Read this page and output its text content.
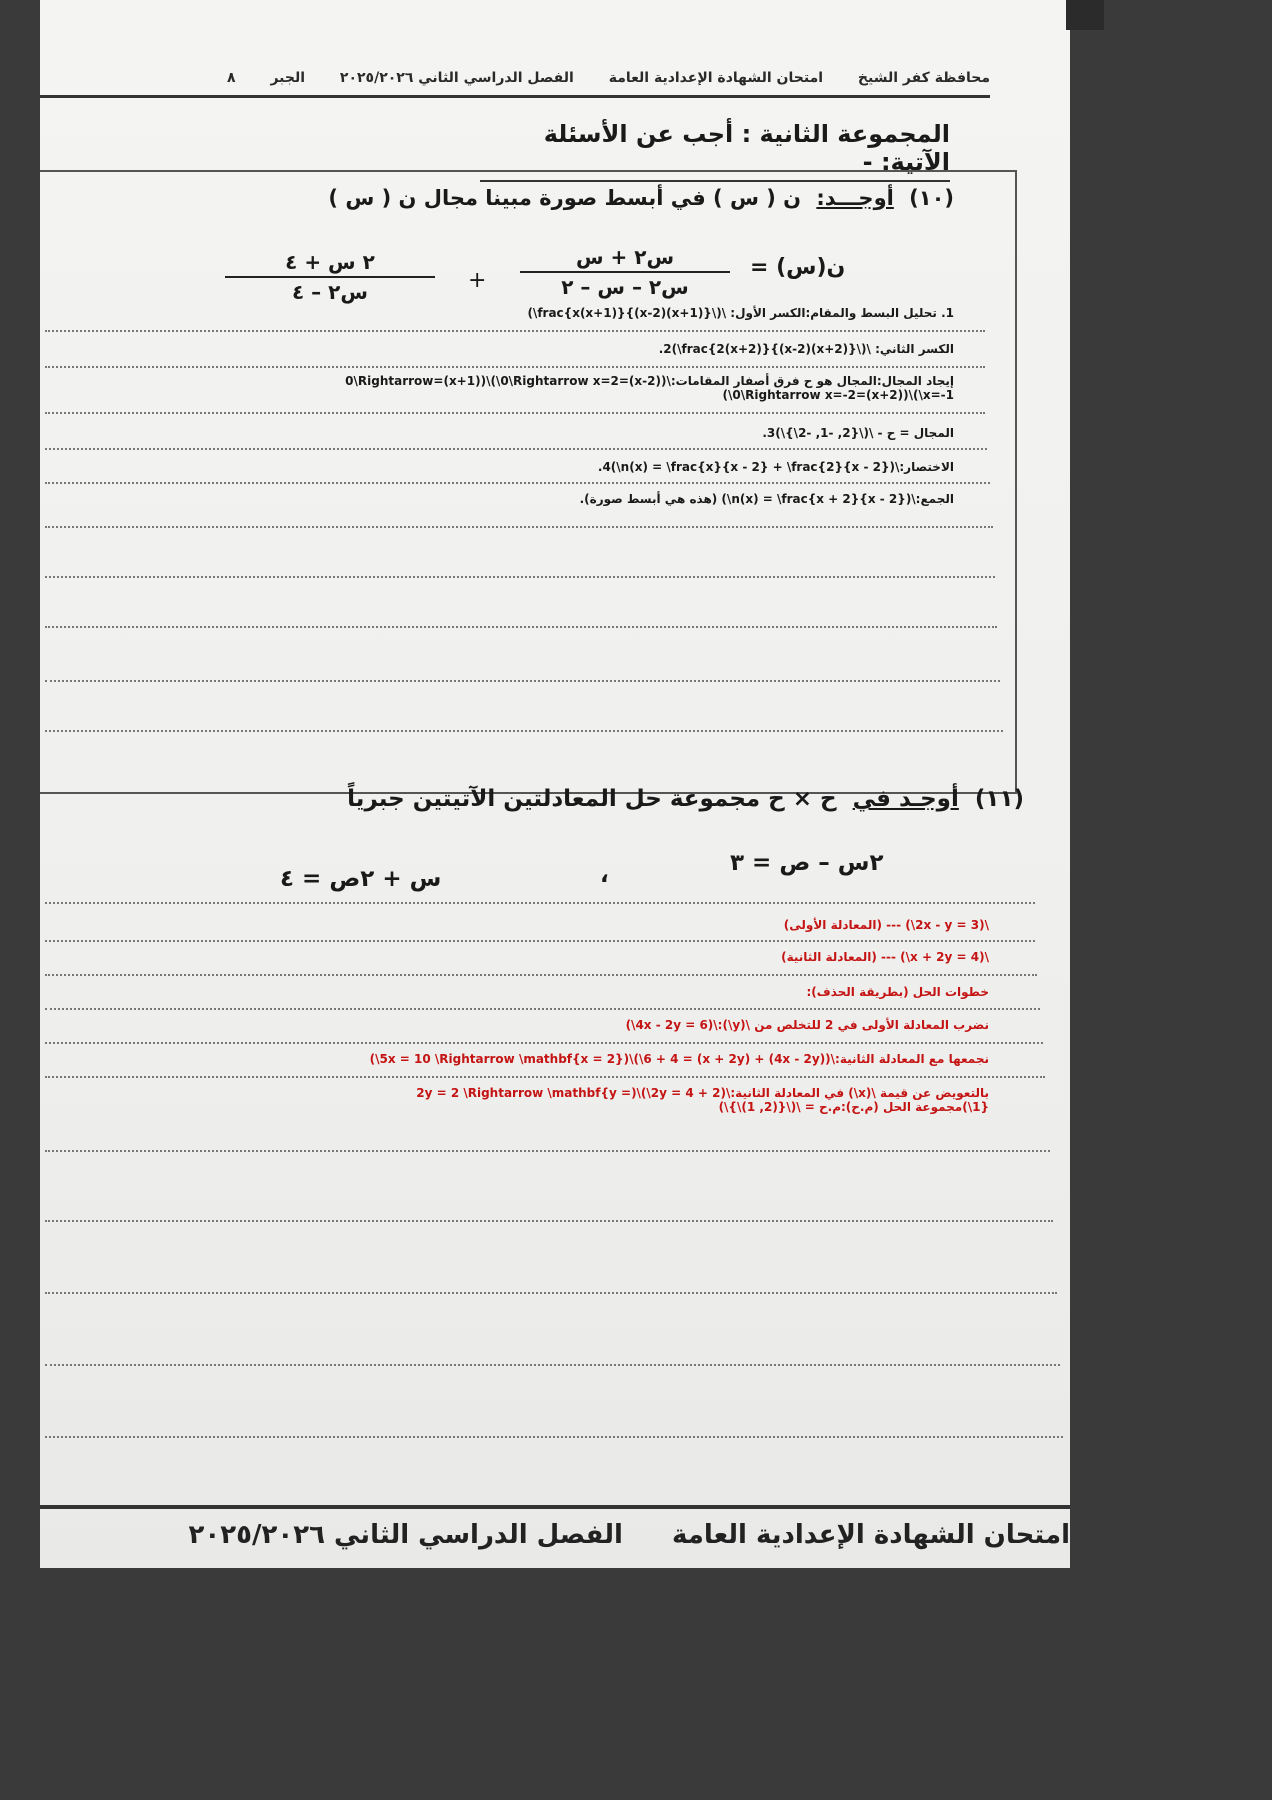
محافظة كفر الشيخ امتحان الشهادة الإعدادية العامة الفصل الدراسي الثاني ٢٠٢٥/٢٠٢٦ الجبر ٨
المجموعة الثانية : أجب عن الأسئلة الآتية: -
(١٠) أوجـــد: ن ( س ) في أبسط صورة مبينا مجال ن ( س )
ن(س) =
س٢ + س
س٢ – س – ٢
+
٢ س + ٤
س٢ – ٤
1. تحليل البسط والمقام:الكسر الأول: \(\frac{x(x+1)}{(x-2)(x+1)}\)
الكسر الثاني: \(\frac{2(x+2)}{(x-2)(x+2)}\)2.
إيجاد المجال:المجال هو ح فرق أصفار المقامات:\((x-2)=0\Rightarrow x=2\)\((x+1)=0\Rightarrow x=-1\)\((x+2)=0\Rightarrow x=-2\)
المجال = ح - \(\{2, -1, -2\}\)3.
الاختصار:\(n(x) = \frac{x}{x - 2} + \frac{2}{x - 2}\)4.
الجمع:\(n(x) = \frac{x + 2}{x - 2}\) (هذه هي أبسط صورة).
(١١) أوجـد في ح × ح مجموعة حل المعادلتين الآتيتين جبرياً
٢س – ص = ٣
،
س + ٢ص = ٤
\(2x - y = 3\) --- (المعادلة الأولى)
\(x + 2y = 4\) --- (المعادلة الثانية)
خطوات الحل (بطريقة الحذف):
نضرب المعادلة الأولى في 2 للتخلص من \(y\):\(4x - 2y = 6\)
نجمعها مع المعادلة الثانية:\((4x - 2y) + (x + 2y) = 6 + 4\)\(5x = 10 \Rightarrow \mathbf{x = 2}\)
بالتعويض عن قيمة \(x\) في المعادلة الثانية:\(2 + 2y = 4\)\(2y = 2 \Rightarrow \mathbf{y = 1}\)مجموعة الحل (م.ح):م.ح = \(\{(2, 1)\}\)
امتحان الشهادة الإعدادية العامة الفصل الدراسي الثاني ٢٠٢٥/٢٠٢٦
